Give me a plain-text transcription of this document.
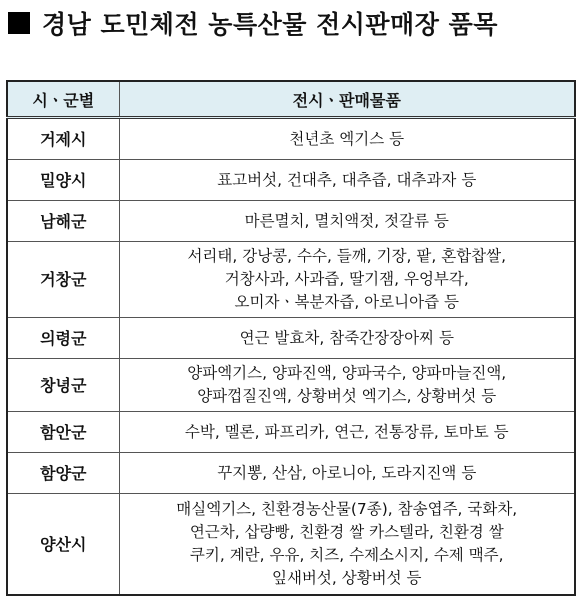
경남 도민체전 농특산물 전시판매장 품목
시ㆍ군별	전시ㆍ판매물품
거제시	천년초 엑기스 등
밀양시	표고버섯, 건대추, 대추즙, 대추과자 등
남해군	마른멸치, 멸치액젓, 젓갈류 등
거창군	서리태, 강낭콩, 수수, 들깨, 기장, 팥, 혼합찹쌀,
거창사과, 사과즙, 딸기잼, 우엉부각,
오미자ㆍ복분자즙, 아로니아즙 등
의령군	연근 발효차, 참죽간장장아찌 등
창녕군	양파엑기스, 양파진액, 양파국수, 양파마늘진액,
양파껍질진액, 상황버섯 엑기스, 상황버섯 등
함안군	수박, 멜론, 파프리카, 연근, 전통장류, 토마토 등
함양군	꾸지뽕, 산삼, 아로니아, 도라지진액 등
양산시	매실엑기스, 친환경농산물(7종), 참송엽주, 국화차,
연근차, 삽량빵, 친환경 쌀 카스텔라, 친환경 쌀
쿠키, 계란, 우유, 치즈, 수제소시지, 수제 맥주,
잎새버섯, 상황버섯 등
